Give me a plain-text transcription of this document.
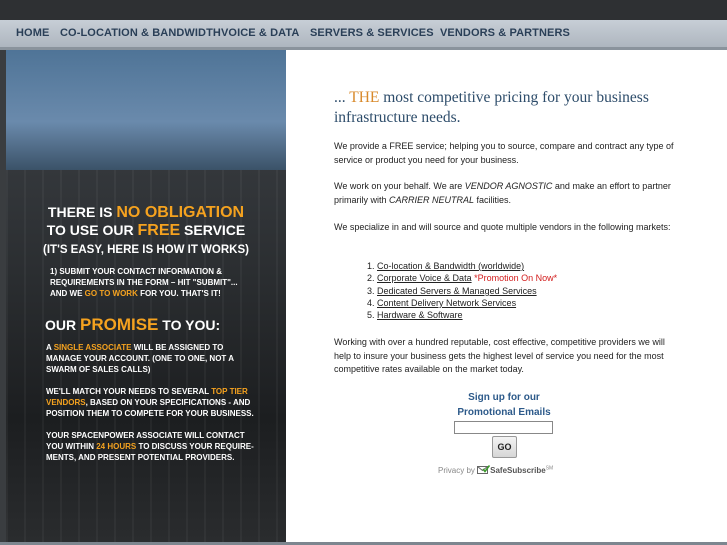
HOME CO-LOCATION & BANDWIDTH VOICE & DATA SERVERS & SERVICES VENDORS & PARTNERS
THERE IS NO OBLIGATION
TO USE OUR FREE SERVICE
(IT'S EASY, HERE IS HOW IT WORKS)
1) SUBMIT YOUR CONTACT INFORMATION &
REQUIREMENTS IN THE FORM – HIT "SUBMIT"...
AND WE GO TO WORK FOR YOU. THAT'S IT!
OUR PROMISE TO YOU:
A SINGLE ASSOCIATE WILL BE ASSIGNED TO
MANAGE YOUR ACCOUNT. (ONE TO ONE, NOT A
SWARM OF SALES CALLS)
WE'LL MATCH YOUR NEEDS TO SEVERAL TOP TIER
VENDORS, BASED ON YOUR SPECIFICATIONS - AND
POSITION THEM TO COMPETE FOR YOUR BUSINESS.
YOUR SPACENPOWER ASSOCIATE WILL CONTACT
YOU WITHIN 24 HOURS TO DISCUSS YOUR REQUIRE-
MENTS, AND PRESENT POTENTIAL PROVIDERS.
... THE most competitive pricing for your business infrastructure needs.
We provide a FREE service; helping you to source, compare and contract any type of service or product you need for your business.
We work on your behalf. We are VENDOR AGNOSTIC and make an effort to partner primarily with CARRIER NEUTRAL facilities.
We specialize in and will source and quote multiple vendors in the following markets:
1. Co-location & Bandwidth (worldwide)
2. Corporate Voice & Data *Promotion On Now*
3. Dedicated Servers & Managed Services
4. Content Delivery Network Services
5. Hardware & Software
Working with over a hundred reputable, cost effective, competitive providers we will help to insure your business gets the highest level of service you need for the most competitive rates available on the market today.
Sign up for our
Promotional Emails
GO
Privacy by SafeSubscribe℠
